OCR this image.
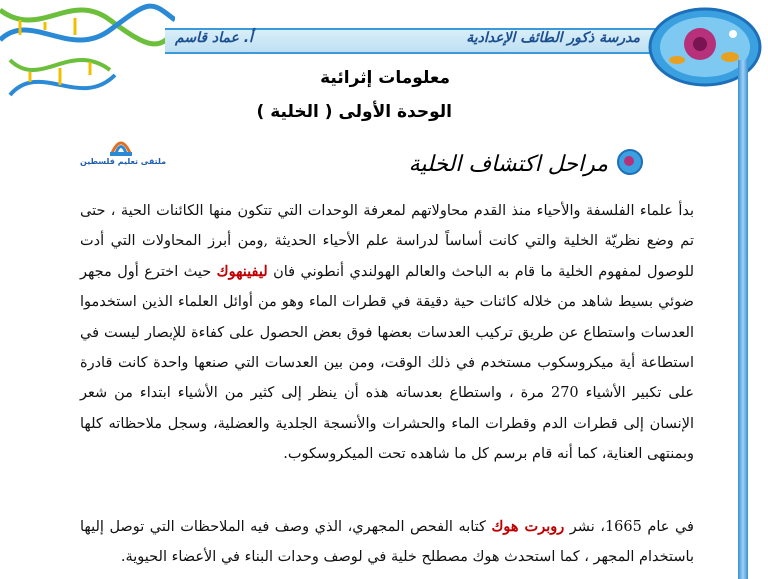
مدرسة ذكور الطائف الإعدادية
أ. عماد قاسم
معلومات إثرائية
الوحدة الأولى ( الخلية )
ملتقى تعليم فلسطين	مراحل اكتشاف الخلية
بدأ علماء الفلسفة والأحياء منذ القدم محاولاتهم لمعرفة الوحدات التي تتكون منها الكائنات الحية ، حتى تم وضع نظريّة الخلية والتي كانت أساساً لدراسة علم الأحياء الحديثة ,ومن أبرز المحاولات التي أدت للوصول لمفهوم الخلية ما قام به الباحث والعالم الهولندي أنطوني فان ليفينهوك حيث اخترع أول مجهر ضوئي بسيط شاهد من خلاله كائنات حية دقيقة في قطرات الماء وهو من أوائل العلماء الذين استخدموا العدسات واستطاع عن طريق تركيب العدسات بعضها فوق بعض الحصول على كفاءة للإبصار ليست في استطاعة أية ميكروسكوب مستخدم في ذلك الوقت، ومن بين العدسات التي صنعها واحدة كانت قادرة على تكبير الأشياء 270 مرة ، واستطاع بعدساته هذه أن ينظر إلى كثير من الأشياء ابتداء من شعر الإنسان إلى قطرات الدم وقطرات الماء والحشرات والأنسجة الجلدية والعضلية، وسجل ملاحظاته كلها وبمنتهى العناية، كما أنه قام برسم كل ما شاهده تحت الميكروسكوب.
في عام 1665، نشر روبرت هوك كتابه الفحص المجهري، الذي وصف فيه الملاحظات التي توصل إليها باستخدام المجهر ، كما استحدث هوك مصطلح خلية في لوصف وحدات البناء في الأعضاء الحيوية.
